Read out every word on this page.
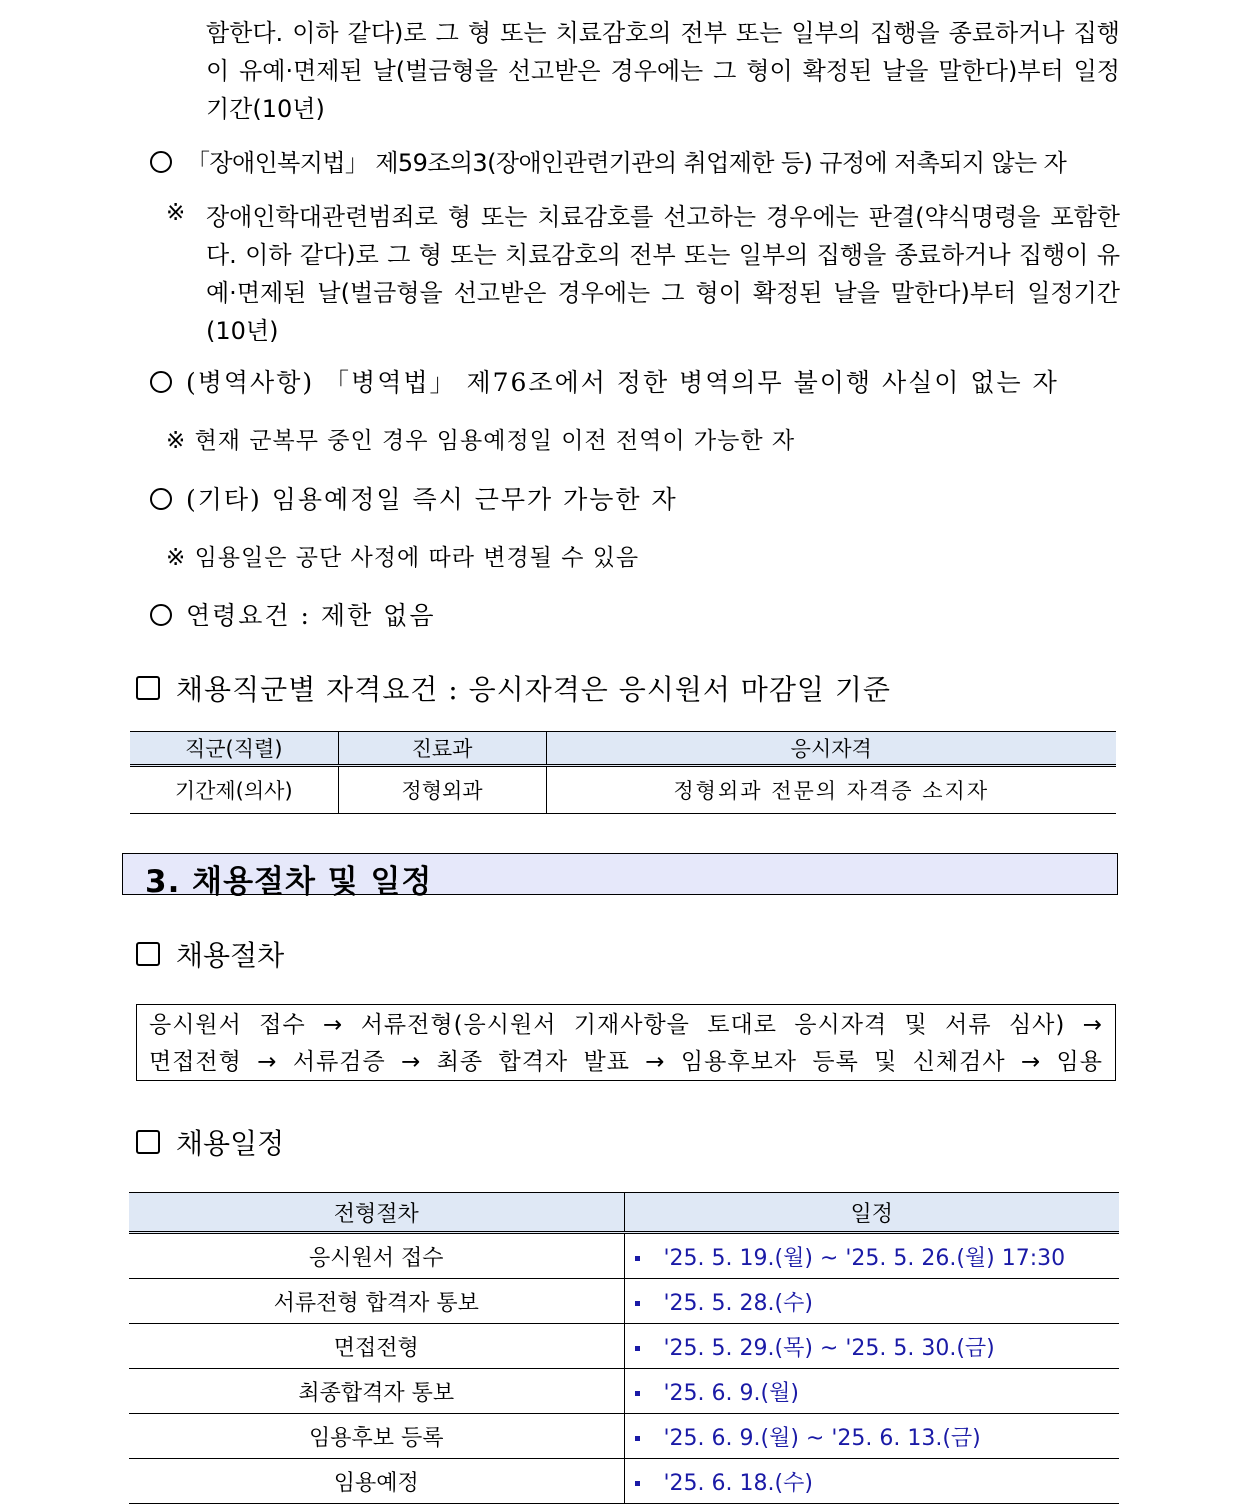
함한다. 이하 같다)로 그 형 또는 치료감호의 전부 또는 일부의 집행을 종료하거나 집행이 유예·면제된 날(벌금형을 선고받은 경우에는 그 형이 확정된 날을 말한다)부터 일정기간(10년)
「장애인복지법」 제59조의3(장애인관련기관의 취업제한 등) 규정에 저촉되지 않는 자
※ 장애인학대관련범죄로 형 또는 치료감호를 선고하는 경우에는 판결(약식명령을 포함한다. 이하 같다)로 그 형 또는 치료감호의 전부 또는 일부의 집행을 종료하거나 집행이 유예·면제된 날(벌금형을 선고받은 경우에는 그 형이 확정된 날을 말한다)부터 일정기간(10년)
(병역사항) 「병역법」 제76조에서 정한 병역의무 불이행 사실이 없는 자
※ 현재 군복무 중인 경우 임용예정일 이전 전역이 가능한 자
(기타) 임용예정일 즉시 근무가 가능한 자
※ 임용일은 공단 사정에 따라 변경될 수 있음
연령요건 : 제한 없음
채용직군별 자격요건 : 응시자격은 응시원서 마감일 기준
직군(직렬)	진료과	응시자격
기간제(의사)	정형외과	정형외과 전문의 자격증 소지자
3. 채용절차 및 일정
채용절차
응시원서 접수 → 서류전형(응시원서 기재사항을 토대로 응시자격 및 서류 심사) →
면접전형 → 서류검증 → 최종 합격자 발표 → 임용후보자 등록 및 신체검사 → 임용
채용일정
전형절차	일정
응시원서 접수	'25. 5. 19.(월) ~ '25. 5. 26.(월) 17:30
서류전형 합격자 통보	'25. 5. 28.(수)
면접전형	'25. 5. 29.(목) ~ '25. 5. 30.(금)
최종합격자 통보	'25. 6. 9.(월)
임용후보 등록	'25. 6. 9.(월) ~ '25. 6. 13.(금)
임용예정	'25. 6. 18.(수)
